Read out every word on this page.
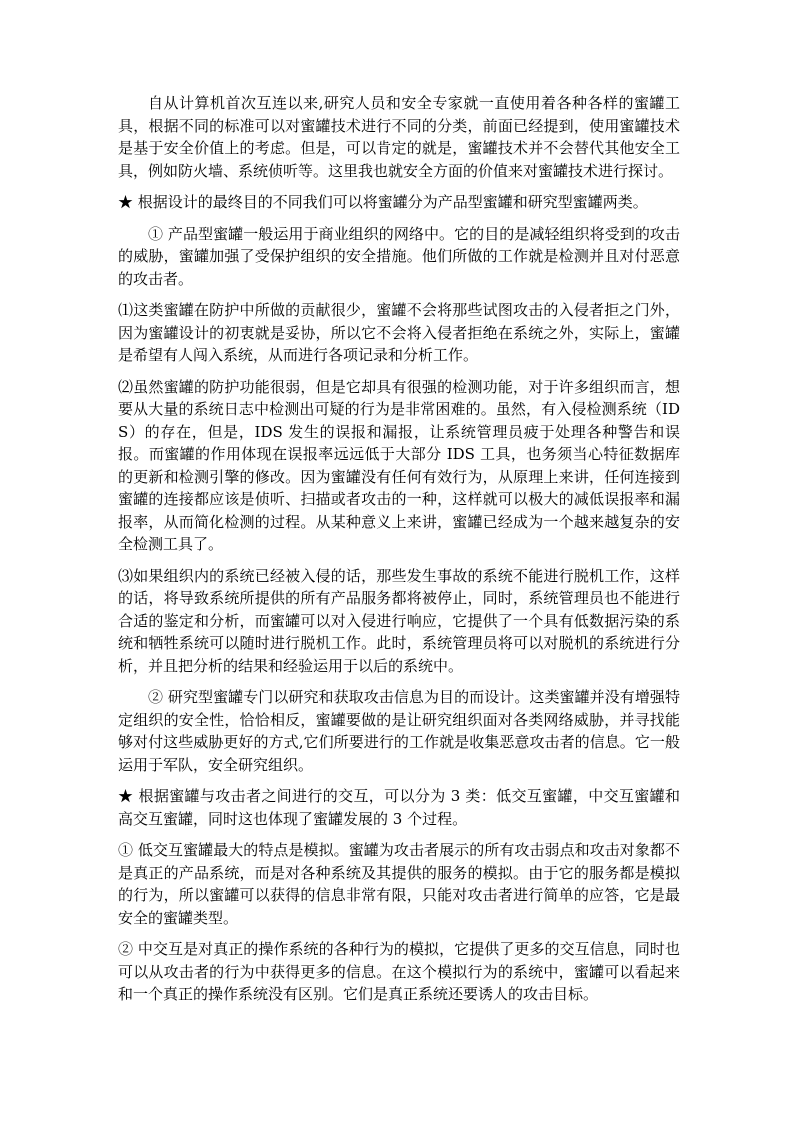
自从计算机首次互连以来,研究人员和安全专家就一直使用着各种各样的蜜罐工具，根据不同的标准可以对蜜罐技术进行不同的分类，前面已经提到，使用蜜罐技术是基于安全价值上的考虑。但是，可以肯定的就是，蜜罐技术并不会替代其他安全工具，例如防火墙、系统侦听等。这里我也就安全方面的价值来对蜜罐技术进行探讨。

★ 根据设计的最终目的不同我们可以将蜜罐分为产品型蜜罐和研究型蜜罐两类。

① 产品型蜜罐一般运用于商业组织的网络中。它的目的是减轻组织将受到的攻击的威胁，蜜罐加强了受保护组织的安全措施。他们所做的工作就是检测并且对付恶意的攻击者。

⑴这类蜜罐在防护中所做的贡献很少，蜜罐不会将那些试图攻击的入侵者拒之门外，因为蜜罐设计的初衷就是妥协，所以它不会将入侵者拒绝在系统之外，实际上，蜜罐是希望有人闯入系统，从而进行各项记录和分析工作。

⑵虽然蜜罐的防护功能很弱，但是它却具有很强的检测功能，对于许多组织而言，想要从大量的系统日志中检测出可疑的行为是非常困难的。虽然，有入侵检测系统（IDS）的存在，但是，IDS 发生的误报和漏报，让系统管理员疲于处理各种警告和误报。而蜜罐的作用体现在误报率远远低于大部分 IDS 工具，也务须当心特征数据库的更新和检测引擎的修改。因为蜜罐没有任何有效行为，从原理上来讲，任何连接到蜜罐的连接都应该是侦听、扫描或者攻击的一种，这样就可以极大的减低误报率和漏报率，从而简化检测的过程。从某种意义上来讲，蜜罐已经成为一个越来越复杂的安全检测工具了。

⑶如果组织内的系统已经被入侵的话，那些发生事故的系统不能进行脱机工作，这样的话，将导致系统所提供的所有产品服务都将被停止，同时，系统管理员也不能进行合适的鉴定和分析，而蜜罐可以对入侵进行响应，它提供了一个具有低数据污染的系统和牺牲系统可以随时进行脱机工作。此时，系统管理员将可以对脱机的系统进行分析，并且把分析的结果和经验运用于以后的系统中。

② 研究型蜜罐专门以研究和获取攻击信息为目的而设计。这类蜜罐并没有增强特定组织的安全性，恰恰相反，蜜罐要做的是让研究组织面对各类网络威胁，并寻找能够对付这些威胁更好的方式,它们所要进行的工作就是收集恶意攻击者的信息。它一般运用于军队，安全研究组织。

★ 根据蜜罐与攻击者之间进行的交互，可以分为 3 类：低交互蜜罐，中交互蜜罐和高交互蜜罐，同时这也体现了蜜罐发展的 3 个过程。

① 低交互蜜罐最大的特点是模拟。蜜罐为攻击者展示的所有攻击弱点和攻击对象都不是真正的产品系统，而是对各种系统及其提供的服务的模拟。由于它的服务都是模拟的行为，所以蜜罐可以获得的信息非常有限，只能对攻击者进行简单的应答，它是最安全的蜜罐类型。

② 中交互是对真正的操作系统的各种行为的模拟，它提供了更多的交互信息，同时也可以从攻击者的行为中获得更多的信息。在这个模拟行为的系统中，蜜罐可以看起来和一个真正的操作系统没有区别。它们是真正系统还要诱人的攻击目标。
